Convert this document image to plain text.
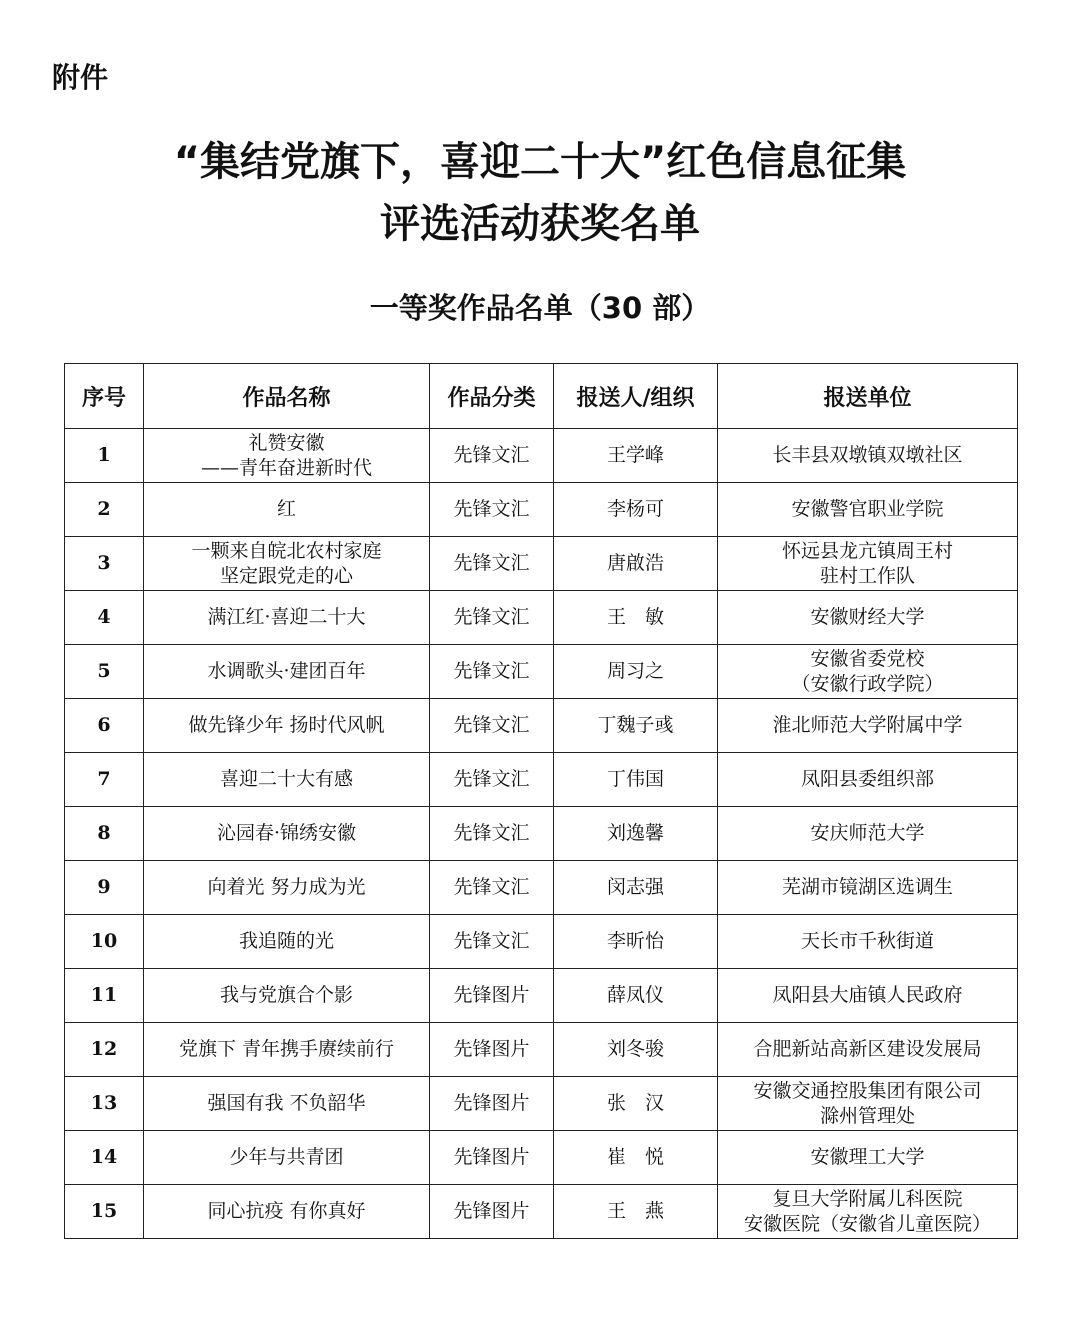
附件
“集结党旗下，喜迎二十大”红色信息征集
评选活动获奖名单
一等奖作品名单（30 部）
序号	作品名称	作品分类	报送人/组织	报送单位
1	礼赞安徽
——青年奋进新时代	先锋文汇	王学峰	长丰县双墩镇双墩社区

2	红	先锋文汇	李杨可	安徽警官职业学院

3	一颗来自皖北农村家庭
坚定跟党走的心	先锋文汇	唐啟浩	怀远县龙亢镇周王村
驻村工作队

4	满江红·喜迎二十大	先锋文汇	王　敏	安徽财经大学

5	水调歌头·建团百年	先锋文汇	周习之	安徽省委党校
（安徽行政学院）

6	做先锋少年 扬时代风帆	先锋文汇	丁魏子彧	淮北师范大学附属中学

7	喜迎二十大有感	先锋文汇	丁伟国	凤阳县委组织部

8	沁园春·锦绣安徽	先锋文汇	刘逸馨	安庆师范大学

9	向着光 努力成为光	先锋文汇	闵志强	芜湖市镜湖区选调生

10	我追随的光	先锋文汇	李昕怡	天长市千秋街道

11	我与党旗合个影	先锋图片	薛凤仪	凤阳县大庙镇人民政府

12	党旗下 青年携手赓续前行	先锋图片	刘冬骏	合肥新站高新区建设发展局

13	强国有我 不负韶华	先锋图片	张　汉	安徽交通控股集团有限公司
滁州管理处

14	少年与共青团	先锋图片	崔　悦	安徽理工大学

15	同心抗疫 有你真好	先锋图片	王　燕	复旦大学附属儿科医院
安徽医院（安徽省儿童医院）
